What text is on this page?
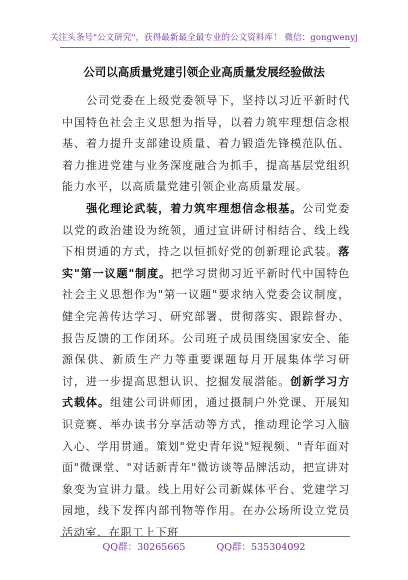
关注头条号"公文研究"，获得最新最全最专业的公文资料库！ 微信：gongwenyj
公司以高质量党建引领企业高质量发展经验做法

公司党委在上级党委领导下，坚持以习近平新时代中国特色社会主义思想为指导，以着力筑牢理想信念根基、着力提升支部建设质量、着力锻造先锋模范队伍、着力推进党建与业务深度融合为抓手，提高基层党组织能力水平，以高质量党建引领企业高质量发展。

强化理论武装，着力筑牢理想信念根基。公司党委以党的政治建设为统领，通过宣讲研讨相结合、线上线下相贯通的方式，持之以恒抓好党的创新理论武装。落实"第一议题"制度。把学习贯彻习近平新时代中国特色社会主义思想作为"第一议题"要求纳入党委会议制度，健全完善传达学习、研究部署、贯彻落实、跟踪督办、报告反馈的工作闭环。公司班子成员围绕国家安全、能源保供、新质生产力等重要课题每月开展集体学习研讨，进一步提高思想认识、挖掘发展潜能。创新学习方式载体。组建公司讲师团，通过摄制户外党课、开展知识竞赛、举办读书分享活动等方式，推动理论学习入脑入心、学用贯通。策划"党史青年说"短视频、"青年面对面"微课堂、"对话新青年"微访谈等品牌活动，把宣讲对象变为宣讲力量。线上用好公司新媒体平台、党建学习园地，线下发挥内部刊物等作用。在办公场所设立党员活动室、在职工上下班

QQ群：30265665	QQ群：535304092
